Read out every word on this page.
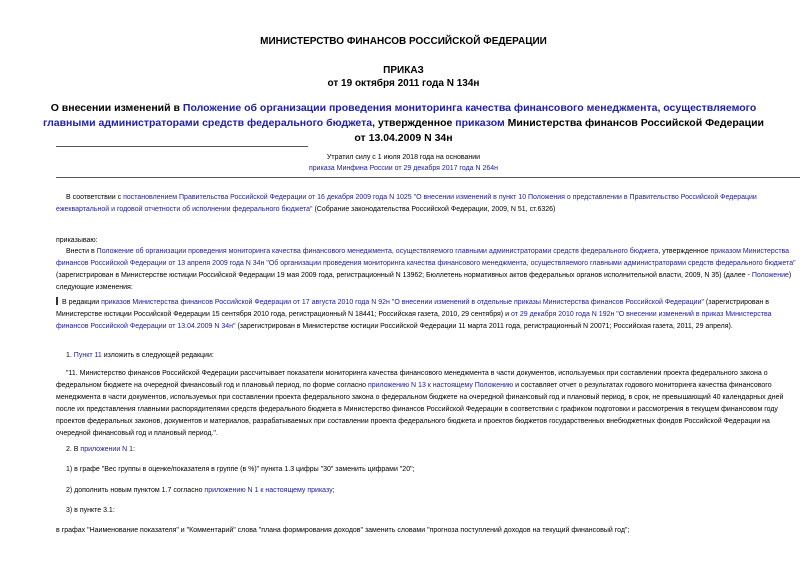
МИНИСТЕРСТВО ФИНАНСОВ РОССИЙСКОЙ ФЕДЕРАЦИИ
ПРИКАЗ
от 19 октября 2011 года N 134н
О внесении изменений в Положение об организации проведения мониторинга качества финансового менеджмента, осуществляемого главными администраторами средств федерального бюджета, утвержденное приказом Министерства финансов Российской Федерации от 13.04.2009 N 34н
Утратил силу с 1 июля 2018 года на основании
приказа Минфина России от 29 декабря 2017 года N 264н
В соответствии с постановлением Правительства Российской Федерации от 16 декабря 2009 года N 1025 "О внесении изменений в пункт 10 Положения о представлении в Правительство Российской Федерации ежеквартальной и годовой отчетности об исполнении федерального бюджета" (Собрание законодательства Российской Федерации, 2009, N 51, ст.6326)
приказываю:
Внести в Положение об организации проведения мониторинга качества финансового менеджмента, осуществляемого главными администраторами средств федерального бюджета, утвержденное приказом Министерства финансов Российской Федерации от 13 апреля 2009 года N 34н "Об организации проведения мониторинга качества финансового менеджмента, осуществляемого главными администраторами средств федерального бюджета" (зарегистрирован в Министерстве юстиции Российской Федерации 19 мая 2009 года, регистрационный N 13962; Бюллетень нормативных актов федеральных органов исполнительной власти, 2009, N 35) (далее - Положение) следующие изменения:
В редакции приказов Министерства финансов Российской Федерации от 17 августа 2010 года N 92н "О внесении изменений в отдельные приказы Министерства финансов Российской Федерации" (зарегистрирован в Министерстве юстиции Российской Федерации 15 сентября 2010 года, регистрационный N 18441; Российская газета, 2010, 29 сентября) и от 29 декабря 2010 года N 192н "О внесении изменений в приказ Министерства финансов Российской Федерации от 13.04.2009 N 34н" (зарегистрирован в Министерстве юстиции Российской Федерации 11 марта 2011 года, регистрационный N 20071; Российская газета, 2011, 29 апреля).
1. Пункт 11 изложить в следующей редакции:
"11. Министерство финансов Российской Федерации рассчитывает показатели мониторинга качества финансового менеджмента в части документов, используемых при составлении проекта федерального закона о федеральном бюджете на очередной финансовый год и плановый период, по форме согласно приложению N 13 к настоящему Положению и составляет отчет о результатах годового мониторинга качества финансового менеджмента в части документов, используемых при составлении проекта федерального закона о федеральном бюджете на очередной финансовый год и плановый период, в срок, не превышающий 40 календарных дней после их представления главными распорядителями средств федерального бюджета в Министерство финансов Российской Федерации в соответствии с графиком подготовки и рассмотрения в текущем финансовом году проектов федеральных законов, документов и материалов, разрабатываемых при составлении проекта федерального бюджета и проектов бюджетов государственных внебюджетных фондов Российской Федерации на очередной финансовый год и плановый период.".
2. В приложении N 1:
1) в графе "Вес группы в оценке/показателя в группе (в %)" пункта 1.3 цифры "30" заменить цифрами "20";
2) дополнить новым пунктом 1.7 согласно приложению N 1 к настоящему приказу;
3) в пункте 3.1:
в графах "Наименование показателя" и "Комментарий" слова "плана формирования доходов" заменить словами "прогноза поступлений доходов на текущий финансовый год";
